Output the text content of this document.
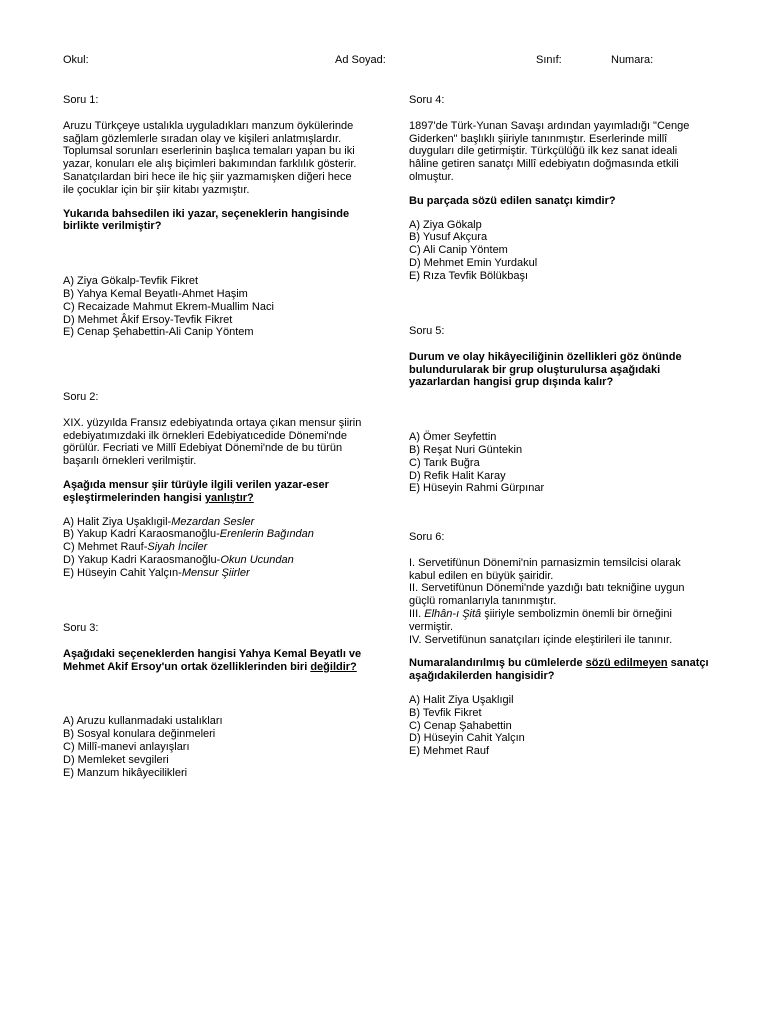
Okul:	Ad Soyad:	Sınıf:	Numara:

Soru 1:

Aruzu Türkçeye ustalıkla uyguladıkları manzum öykülerinde sağlam gözlemlerle sıradan olay ve kişileri anlatmışlardır. Toplumsal sorunları eserlerinin başlıca temaları yapan bu iki yazar, konuları ele alış biçimleri bakımından farklılık gösterir. Sanatçılardan biri hece ile hiç şiir yazmamışken diğeri hece ile çocuklar için bir şiir kitabı yazmıştır.

Yukarıda bahsedilen iki yazar, seçeneklerin hangisinde birlikte verilmiştir?

A) Ziya Gökalp-Tevfik Fikret
B) Yahya Kemal Beyatlı-Ahmet Haşim
C) Recaizade Mahmut Ekrem-Muallim Naci
D) Mehmet Âkif Ersoy-Tevfik Fikret
E) Cenap Şehabettin-Ali Canip Yöntem

Soru 2:

XIX. yüzyılda Fransız edebiyatında ortaya çıkan mensur şiirin edebiyatımızdaki ilk örnekleri Edebiyatıcedide Dönemi'nde görülür. Fecriati ve Millî Edebiyat Dönemi'nde de bu türün başarılı örnekleri verilmiştir.

Aşağıda mensur şiir türüyle ilgili verilen yazar-eser eşleştirmelerinden hangisi yanlıştır?

A) Halit Ziya Uşaklıgil-Mezardan Sesler
B) Yakup Kadri Karaosmanoğlu-Erenlerin Bağından
C) Mehmet Rauf-Siyah İnciler
D) Yakup Kadri Karaosmanoğlu-Okun Ucundan
E) Hüseyin Cahit Yalçın-Mensur Şiirler

Soru 3:

Aşağıdaki seçeneklerden hangisi Yahya Kemal Beyatlı ve Mehmet Akif Ersoy'un ortak özelliklerinden biri değildir?

A) Aruzu kullanmadaki ustalıkları
B) Sosyal konulara değinmeleri
C) Millî-manevi anlayışları
D) Memleket sevgileri
E) Manzum hikâyecilikleri

Soru 4:

1897'de Türk-Yunan Savaşı ardından yayımladığı "Cenge Giderken" başlıklı şiiriyle tanınmıştır. Eserlerinde millî duyguları dile getirmiştir. Türkçülüğü ilk kez sanat ideali hâline getiren sanatçı Millî edebiyatın doğmasında etkili olmuştur.

Bu parçada sözü edilen sanatçı kimdir?

A) Ziya Gökalp
B) Yusuf Akçura
C) Ali Canip Yöntem
D) Mehmet Emin Yurdakul
E) Rıza Tevfik Bölükbaşı

Soru 5:

Durum ve olay hikâyeciliğinin özellikleri göz önünde bulundurularak bir grup oluşturulursa aşağıdaki yazarlardan hangisi grup dışında kalır?

A) Ömer Seyfettin
B) Reşat Nuri Güntekin
C) Tarık Buğra
D) Refik Halit Karay
E) Hüseyin Rahmi Gürpınar

Soru 6:

I. Servetifünun Dönemi'nin parnasizmin temsilcisi olarak kabul edilen en büyük şairidir.
II. Servetifünun Dönemi'nde yazdığı batı tekniğine uygun güçlü romanlarıyla tanınmıştır.
III. Elhân-ı Şitâ şiiriyle sembolizmin önemli bir örneğini vermiştir.
IV. Servetifünun sanatçıları içinde eleştirileri ile tanınır.

Numaralandırılmış bu cümlelerde sözü edilmeyen sanatçı aşağıdakilerden hangisidir?

A) Halit Ziya Uşaklıgil
B) Tevfik Fikret
C) Cenap Şahabettin
D) Hüseyin Cahit Yalçın
E) Mehmet Rauf
